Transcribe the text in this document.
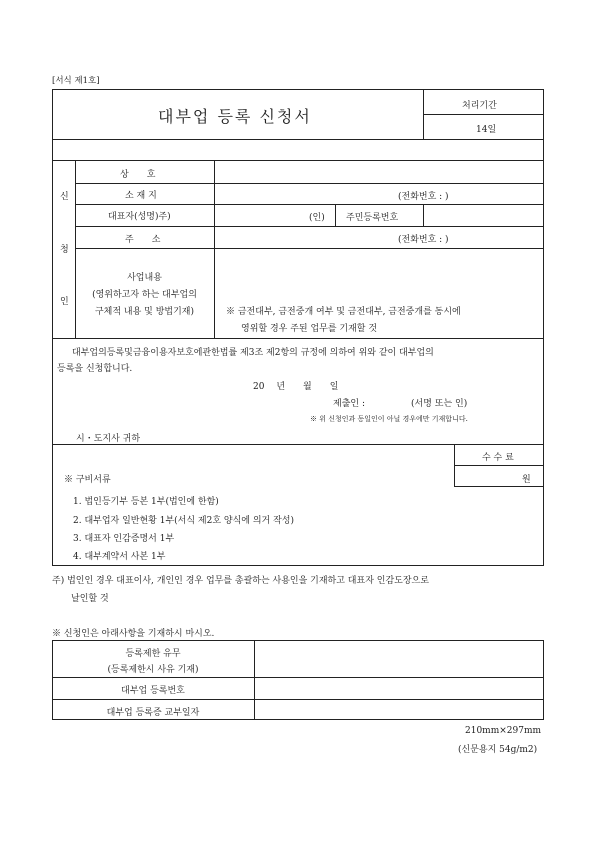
[서식 제1호]
대부업 등록 신청서
처리기간
14일
신
청
인
상　　호
소 재 지	(전화번호 : )
대표자(성명)주)	(인) 주민등록번호
주　　소	(전화번호 : )
사업내용
(영위하고자 하는 대부업의
구체적 내용 및 방법기재)	※ 금전대부, 금전중개 여부 및 금전대부, 금전중개를 동시에
영위할 경우 주된 업무를 기재할 것
대부업의등록및금융이용자보호에관한법률 제3조 제2항의 규정에 의하여 위와 같이 대부업의
등록을 신청합니다.
20　 년　　월　　일
제출인 :	(서명 또는 인)
※ 위 신청인과 동일인이 아닐 경우에만 기재합니다.
시・도지사 귀하
수 수 료
원
※ 구비서류
1. 법인등기부 등본 1부(법인에 한함)
2. 대부업자 일반현황 1부(서식 제2호 양식에 의거 작성)
3. 대표자 인감증명서 1부
4. 대부계약서 사본 1부
주) 법인인 경우 대표이사, 개인인 경우 업무를 총괄하는 사용인을 기재하고 대표자 인감도장으로
날인할 것
※ 신청인은 아래사항을 기재하시 마시오.
등록제한 유무
(등록제한시 사유 기재)
대부업 등록번호
대부업 등록증 교부일자
210mm×297mm
(신문용지 54g/m2)
